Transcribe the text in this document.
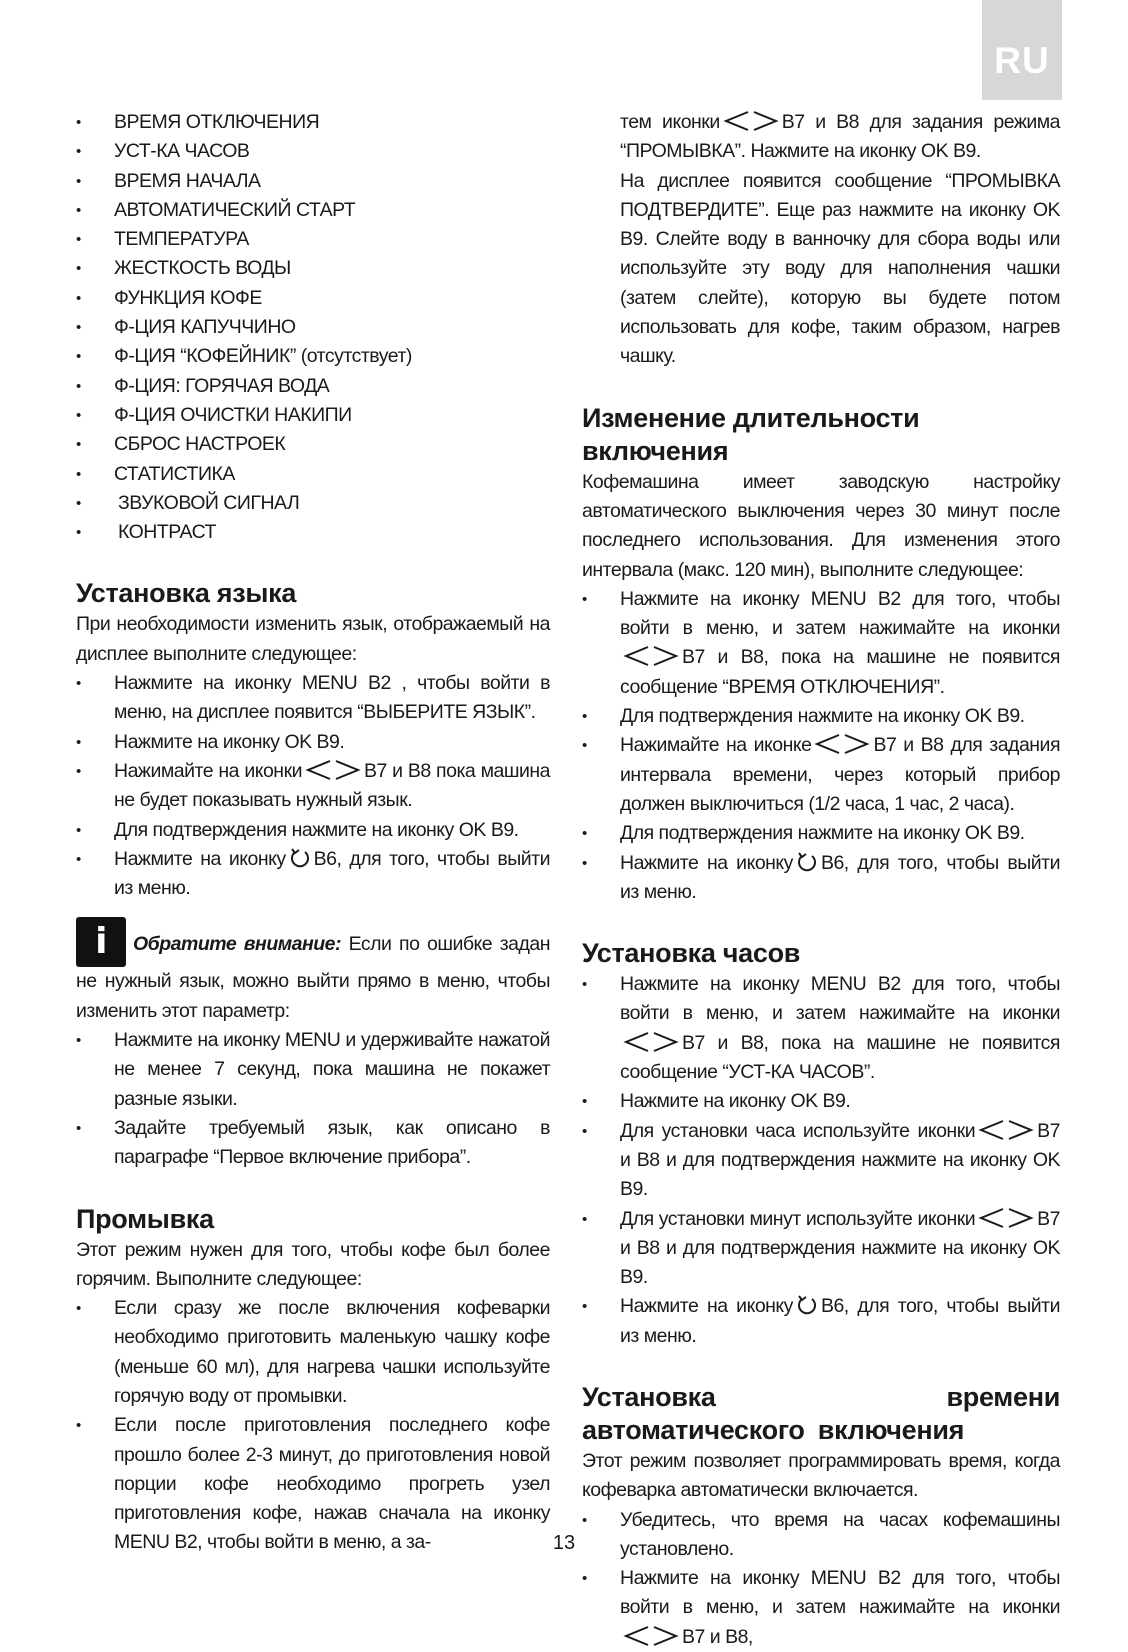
RU
• ВРЕМЯ ОТКЛЮЧЕНИЯ
• УСТ-КА ЧАСОВ
• ВРЕМЯ НАЧАЛА
• АВТОМАТИЧЕСКИЙ СТАРТ
• ТЕМПЕРАТУРА
• ЖЕСТКОСТЬ ВОДЫ
• ФУНКЦИЯ КОФЕ
• Ф-ЦИЯ КАПУЧЧИНО
• Ф-ЦИЯ “КОФЕЙНИК” (отсутствует)
• Ф-ЦИЯ: ГОРЯЧАЯ ВОДА
• Ф-ЦИЯ ОЧИСТКИ НАКИПИ
• СБРОС НАСТРОЕК
• СТАТИСТИКА
• ЗВУКОВОЙ СИГНАЛ
• КОНТРАСТ
Установка языка

При необходимости изменить язык, отображаемый на дисплее выполните следующее:

• Нажмите на иконку MENU B2 , чтобы войти в меню, на дисплее появится “ВЫБЕРИТЕ ЯЗЫК”.
• Нажмите на иконку OK B9.
• Нажимайте на иконки	B7 и B8 пока машина не будет показывать нужный язык.
• Для подтверждения нажмите на иконку OK B9.
• Нажмите на иконку B6, для того, чтобы выйти из меню.

i Обратите внимание: Если по ошибке задан не нужный язык, можно выйти прямо в меню, чтобы изменить этот параметр:

• Нажмите на иконку MENU и удерживайте нажатой не менее 7 секунд, пока машина не покажет разные языки.
• Задайте требуемый язык, как описано в параграфе “Первое включение прибора”.
Промывка

Этот режим нужен для того, чтобы кофе был более горячим. Выполните следующее:

• Если сразу же после включения кофеварки необходимо приготовить маленькую чашку кофе (меньше 60 мл), для нагрева чашки используйте горячую воду от промывки.
• Если после приготовления последнего кофе прошло более 2-3 минут, до приготовления новой порции кофе необходимо прогреть узел приготовления кофе, нажав сначала на иконку MENU B2, чтобы войти в меню, а за-

тем иконки	B7 и B8 для задания режима “ПРОМЫВКА”. Нажмите на иконку OK B9.

На дисплее появится сообщение “ПРОМЫВКА ПОДТВЕРДИТЕ”. Еще раз нажмите на иконку OK B9. Слейте воду в ванночку для сбора воды или используйте эту воду для наполнения чашки (затем слейте), которую вы будете потом использовать для кофе, таким образом, нагрев чашку.

Изменение длительности включения

Кофемашина имеет заводскую настройку автоматического выключения через 30 минут после последнего использования. Для изменения этого интервала (макс. 120 мин), выполните следующее:

• Нажмите на иконку MENU B2 для того, чтобы войти в меню, и затем нажимайте на иконкиB7 и B8, пока на машине не появится сообщение “ВРЕМЯ ОТКЛЮЧЕНИЯ”.
• Для подтверждения нажмите на иконку OK B9.
• Нажимайте на иконке	B7 и B8 для задания интервала времени, через который прибор должен выключиться (1/2 часа, 1 час, 2 часа).
• Для подтверждения нажмите на иконку OK B9.
• Нажмите на иконку B6, для того, чтобы выйти из меню.
Установка часов
• Нажмите на иконку MENU B2 для того, чтобы войти в меню, и затем нажимайте на иконкиB7 и B8, пока на машине не появится сообщение “УСТ-КА ЧАСОВ”.
• Нажмите на иконку OK B9.
• Для установки часа используйте иконки	B7 и B8 и для подтверждения нажмите на иконку OK B9.
• Для установки минут используйте иконки	B7 и B8 и для подтверждения нажмите на иконку OK B9.
• Нажмите на иконку B6, для того, чтобы выйти из меню.
Установка времени автоматического включения

Этот режим позволяет программировать время, когда кофеварка автоматически включается.

• Убедитесь, что время на часах кофемашины установлено.
• Нажмите на иконку MENU B2 для того, чтобы войти в меню, и затем нажимайте на иконкиB7 и B8,
13
